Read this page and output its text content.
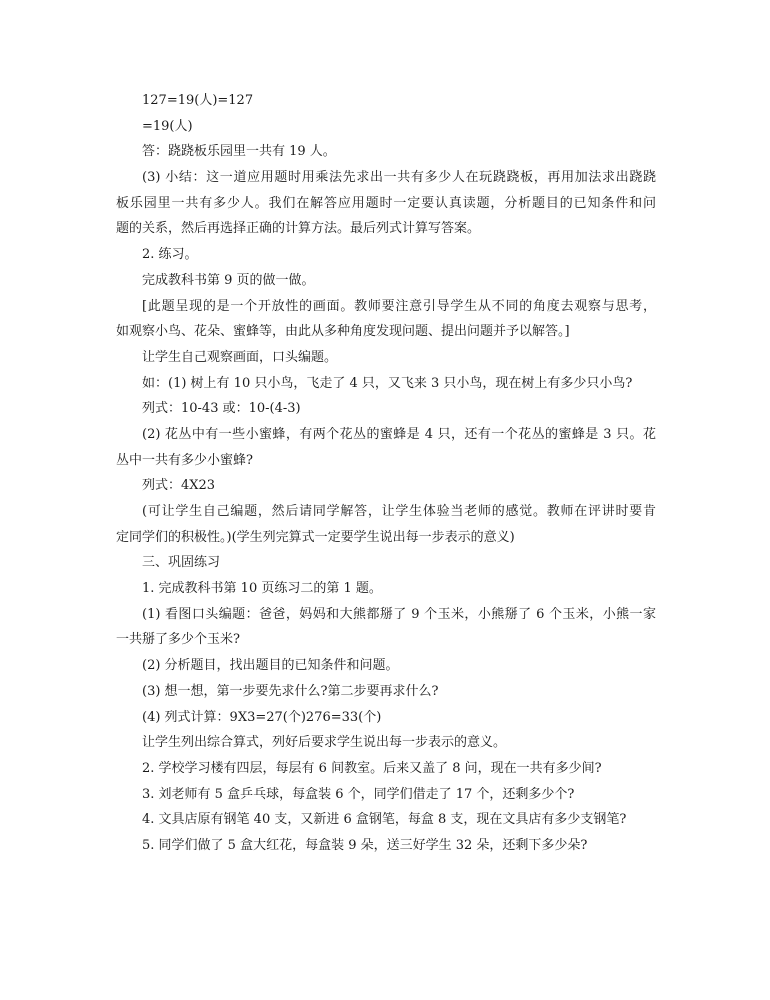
127=19(人)=127
=19(人)
答：跷跷板乐园里一共有 19 人。
(3) 小结：这一道应用题时用乘法先求出一共有多少人在玩跷跷板，再用加法求出跷跷
板乐园里一共有多少人。我们在解答应用题时一定要认真读题，分析题目的已知条件和问
题的关系，然后再选择正确的计算方法。最后列式计算写答案。
2. 练习。
完成教科书第 9 页的做一做。
[此题呈现的是一个开放性的画面。教师要注意引导学生从不同的角度去观察与思考，
如观察小鸟、花朵、蜜蜂等，由此从多种角度发现问题、提出问题并予以解答。]
让学生自己观察画面，口头编题。
如：(1) 树上有 10 只小鸟，飞走了 4 只，又飞来 3 只小鸟，现在树上有多少只小鸟?
列式：10-43 或：10-(4-3)
(2) 花丛中有一些小蜜蜂，有两个花丛的蜜蜂是 4 只，还有一个花丛的蜜蜂是 3 只。花
丛中一共有多少小蜜蜂?
列式：4X23
(可让学生自己编题，然后请同学解答，让学生体验当老师的感觉。教师在评讲时要肯
定同学们的积极性。)(学生列完算式一定要学生说出每一步表示的意义)
三、巩固练习
1. 完成教科书第 10 页练习二的第 1 题。
(1) 看图口头编题：爸爸，妈妈和大熊都掰了 9 个玉米，小熊掰了 6 个玉米，小熊一家
一共掰了多少个玉米?
(2) 分析题目，找出题目的已知条件和问题。
(3) 想一想，第一步要先求什么?第二步要再求什么?
(4) 列式计算：9X3=27(个)276=33(个)
让学生列出综合算式，列好后要求学生说出每一步表示的意义。
2. 学校学习楼有四层，每层有 6 间教室。后来又盖了 8 问，现在一共有多少间?
3. 刘老师有 5 盒乒乓球，每盒装 6 个，同学们借走了 17 个，还剩多少个?
4. 文具店原有钢笔 40 支，又新进 6 盒钢笔，每盒 8 支，现在文具店有多少支钢笔?
5. 同学们做了 5 盒大红花，每盒装 9 朵，送三好学生 32 朵，还剩下多少朵?
